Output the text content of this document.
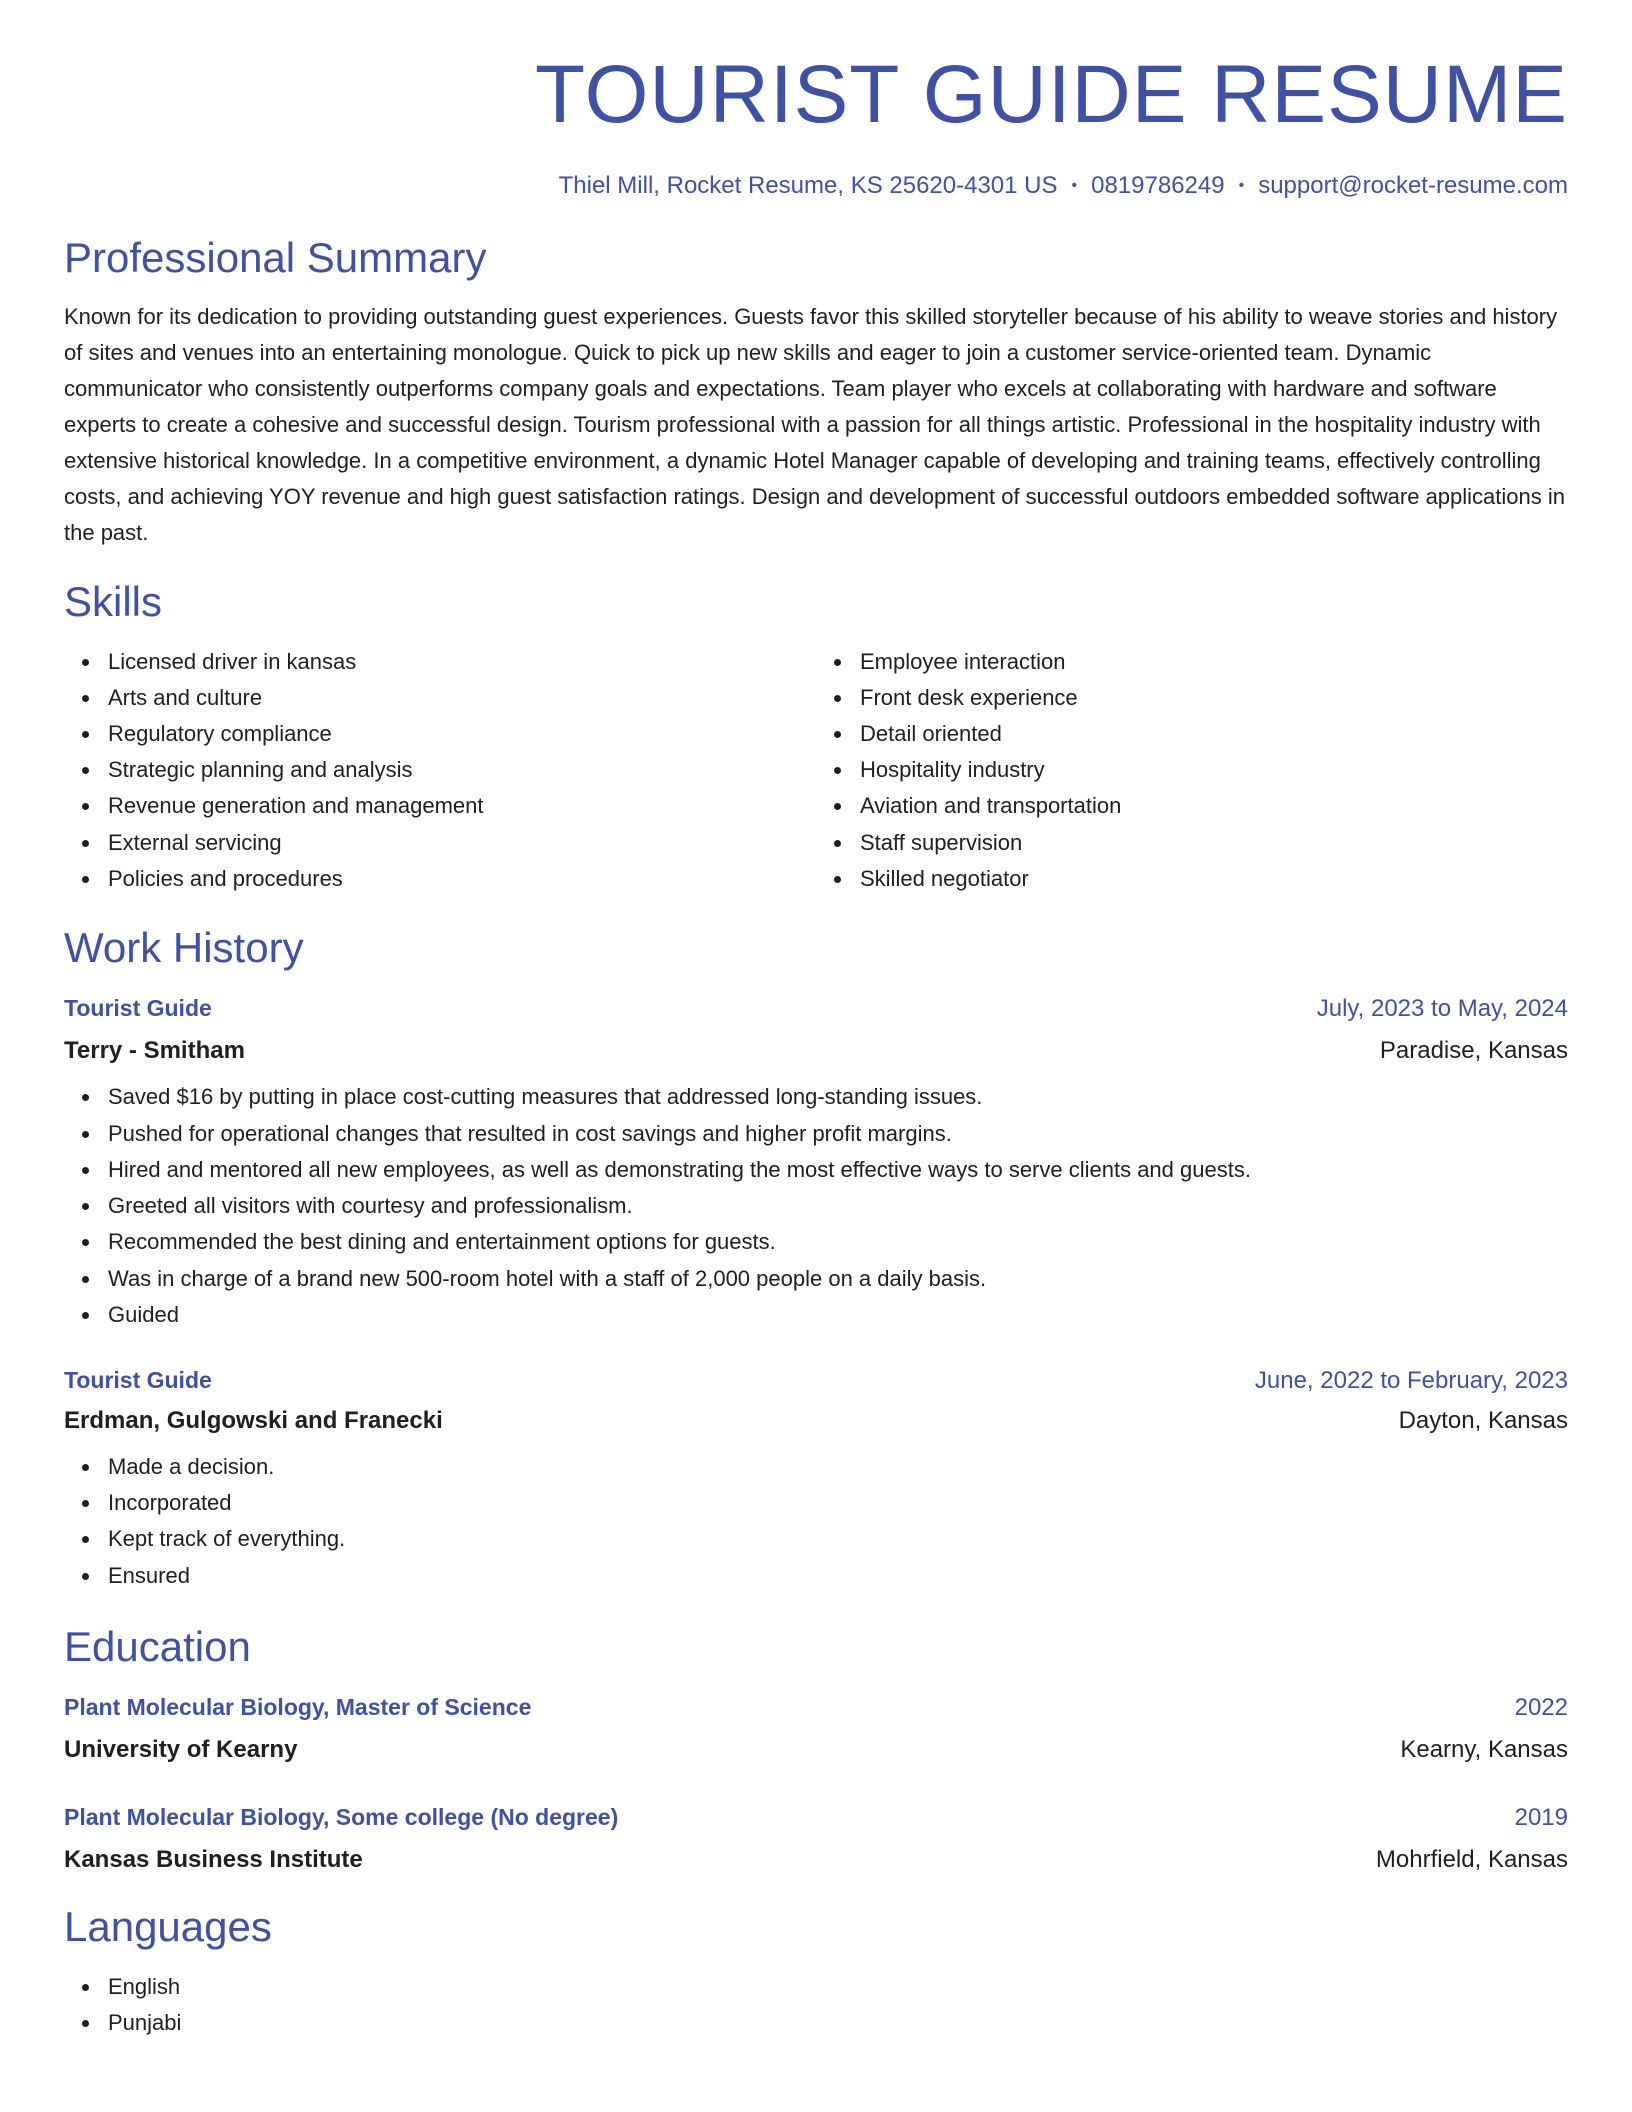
TOURIST GUIDE RESUME
Thiel Mill, Rocket Resume, KS 25620-4301 US • 0819786249 • support@rocket-resume.com
Professional Summary

Known for its dedication to providing outstanding guest experiences. Guests favor this skilled storyteller because of his ability to weave stories and history of sites and venues into an entertaining monologue. Quick to pick up new skills and eager to join a customer service-oriented team. Dynamic communicator who consistently outperforms company goals and expectations. Team player who excels at collaborating with hardware and software experts to create a cohesive and successful design. Tourism professional with a passion for all things artistic. Professional in the hospitality industry with extensive historical knowledge. In a competitive environment, a dynamic Hotel Manager capable of developing and training teams, effectively controlling costs, and achieving YOY revenue and high guest satisfaction ratings. Design and development of successful outdoors embedded software applications in the past.

Skills
Licensed driver in kansas
Arts and culture
Regulatory compliance
Strategic planning and analysis
Revenue generation and management
External servicing
Policies and procedures
Employee interaction
Front desk experience
Detail oriented
Hospitality industry
Aviation and transportation
Staff supervision
Skilled negotiator
Work History
Tourist Guide	July, 2023 to May, 2024
Terry - Smitham	Paradise, Kansas
Saved $16 by putting in place cost-cutting measures that addressed long-standing issues.
Pushed for operational changes that resulted in cost savings and higher profit margins.
Hired and mentored all new employees, as well as demonstrating the most effective ways to serve clients and guests.
Greeted all visitors with courtesy and professionalism.
Recommended the best dining and entertainment options for guests.
Was in charge of a brand new 500-room hotel with a staff of 2,000 people on a daily basis.
Guided
Tourist Guide	June, 2022 to February, 2023
Erdman, Gulgowski and Franecki	Dayton, Kansas
Made a decision.
Incorporated
Kept track of everything.
Ensured
Education
Plant Molecular Biology, Master of Science	2022
University of Kearny	Kearny, Kansas
Plant Molecular Biology, Some college (No degree)	2019
Kansas Business Institute	Mohrfield, Kansas
Languages
English
Punjabi
